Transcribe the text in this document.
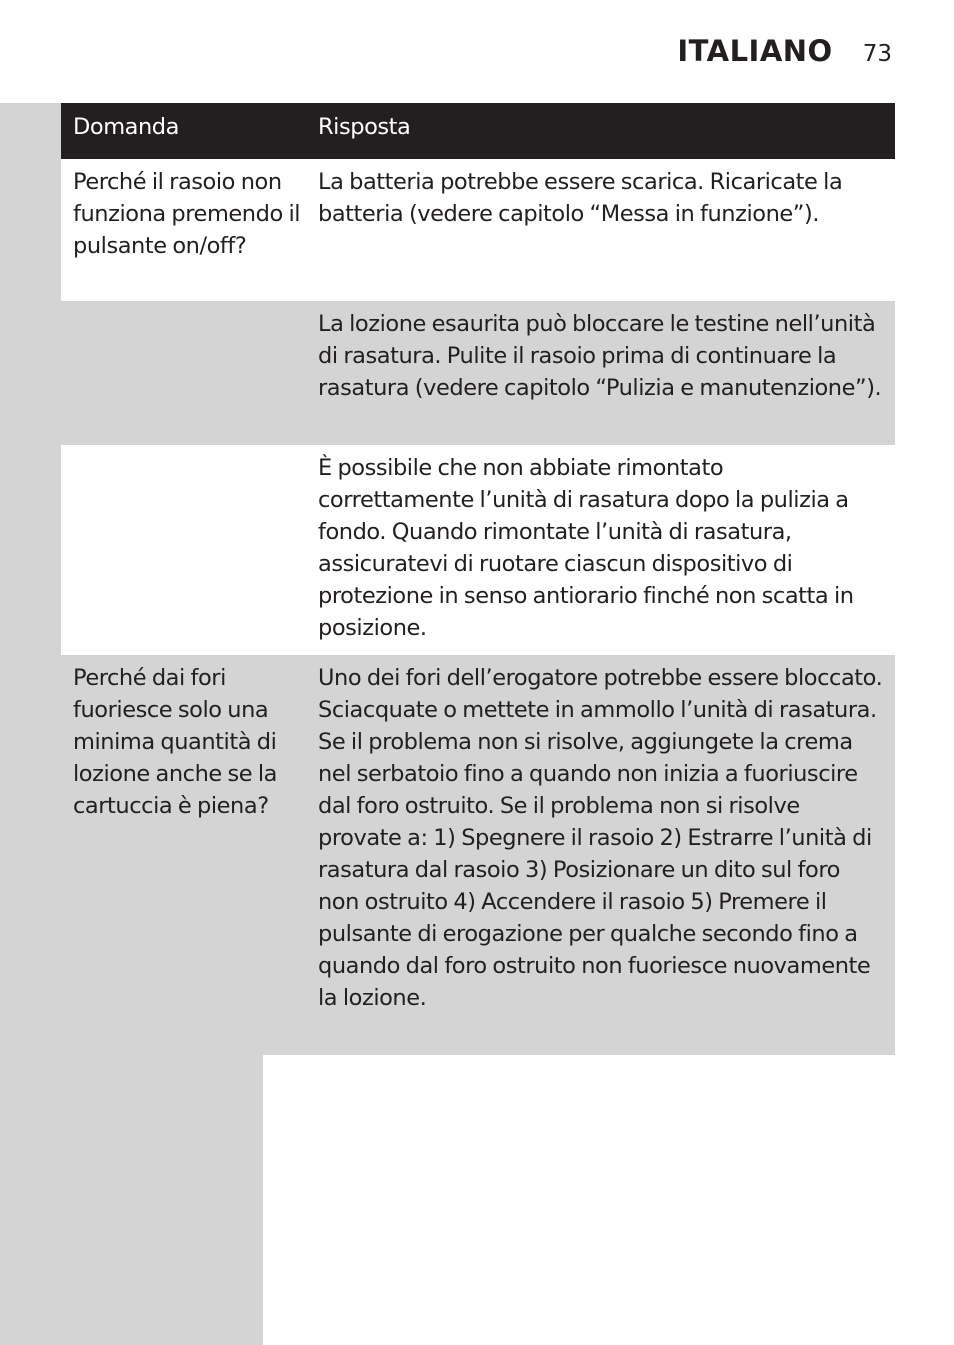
ITALIANO 73
Domanda	Risposta
Perché il rasoio non funziona premendo il pulsante on/off?
La batteria potrebbe essere scarica. Ricaricate la batteria (vedere capitolo “Messa in funzione”).
La lozione esaurita può bloccare le testine nell’unità di rasatura. Pulite il rasoio prima di continuare la rasatura (vedere capitolo “Pulizia e manutenzione”).
È possibile che non abbiate rimontato correttamente l’unità di rasatura dopo la pulizia a fondo. Quando rimontate l’unità di rasatura, assicuratevi di ruotare ciascun dispositivo di protezione in senso antiorario finché non scatta in posizione.
Perché dai fori fuoriesce solo una minima quantità di lozione anche se la cartuccia è piena?
Uno dei fori dell’erogatore potrebbe essere bloccato. Sciacquate o mettete in ammollo l’unità di rasatura. Se il problema non si risolve, aggiungete la crema nel serbatoio fino a quando non inizia a fuoriuscire dal foro ostruito. Se il problema non si risolve provate a: 1) Spegnere il rasoio 2) Estrarre l’unità di rasatura dal rasoio 3) Posizionare un dito sul foro non ostruito 4) Accendere il rasoio 5) Premere il pulsante di erogazione per qualche secondo fino a quando dal foro ostruito non fuoriesce nuovamente la lozione.
